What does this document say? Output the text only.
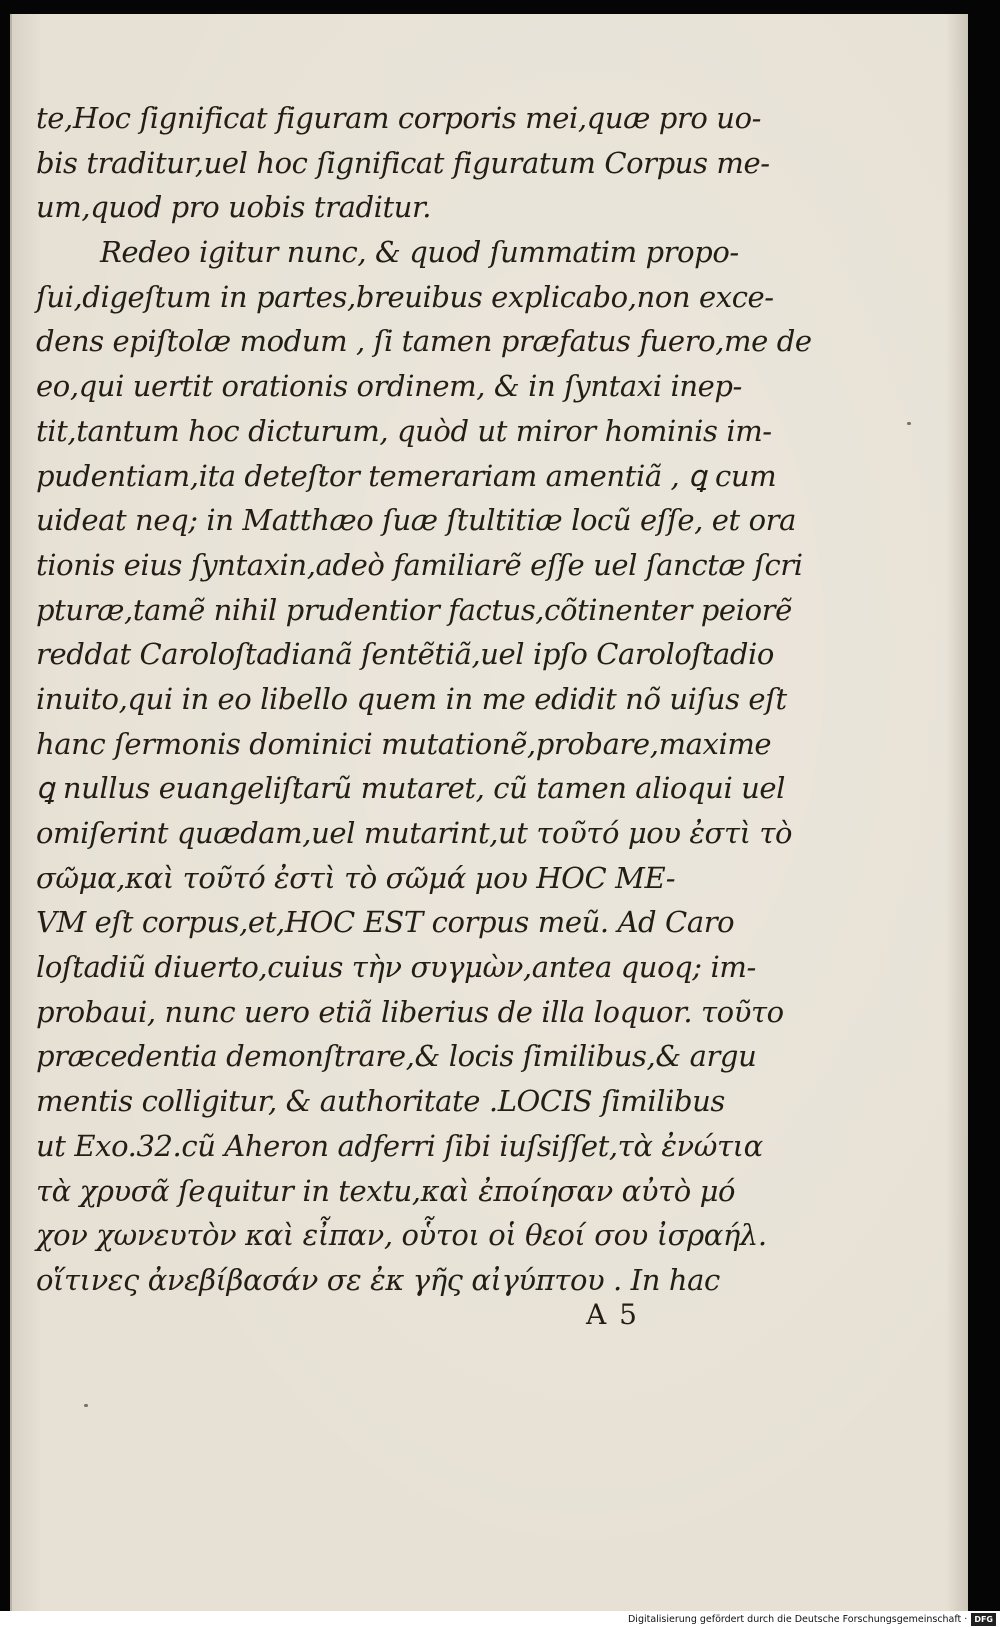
te,Hoc ſignificat figuram corporis mei,quæ pro uo-
bis traditur,uel hoc ſignificat figuratum Corpus me-
um,quod pro uobis traditur.
Redeo igitur nunc, & quod ſummatim propo-
ſui,digeſtum in partes,breuibus explicabo,non exce-
dens epiſtolæ modum , ſi tamen præfatus fuero,me de
eo,qui uertit orationis ordinem, & in ſyntaxi inep-
tit,tantum hoc dicturum, quòd ut miror hominis im-
pudentiam,ita deteſtor temerariam amentiã , ꝗ cum
uideat neq; in Matthæo ſuæ ſtultitiæ locũ eſſe, et ora
tionis eius ſyntaxin,adeò familiarẽ eſſe uel ſanctæ ſcri
pturæ,tamẽ nihil prudentior factus,cõtinenter peiorẽ
reddat Caroloſtadianã ſentẽtiã,uel ipſo Caroloſtadio
inuito,qui in eo libello quem in me edidit nõ uiſus eſt
hanc ſermonis dominici mutationẽ,probare,maxime
ꝗ nullus euangeliſtarũ mutaret, cũ tamen alioqui uel
omiſerint quædam,uel mutarint,ut τοῦτό μου ἐστὶ τὸ
σῶμα,καὶ τοῦτό ἐστὶ τὸ σῶμά μου HOC ME-
VM eſt corpus,et,HOC EST corpus meũ. Ad Caro
loſtadiũ diuerto,cuius τὴν συγμὼν,antea quoq; im-
probaui, nunc uero etiã liberius de illa loquor. τοῦτο
præcedentia demonſtrare,& locis ſimilibus,& argu
mentis colligitur, & authoritate .LOCIS ſimilibus
ut Exo.32.cũ Aheron adferri ſibi iuſsiſſet,τὰ ἐνώτια
τὰ χρυσᾶ ſequitur in textu,καὶ ἐποίησαν αὐτὸ μό
χον χωνευτὸν καὶ εἶπαν, οὗτοι οἱ θεοί σου ἰσραήλ.
οἵτινες ἀνεβίβασάν σε ἐκ γῆς αἰγύπτου . In hac
A 5
Digitalisierung gefördert durch die Deutsche Forschungsgemeinschaft · DFG
